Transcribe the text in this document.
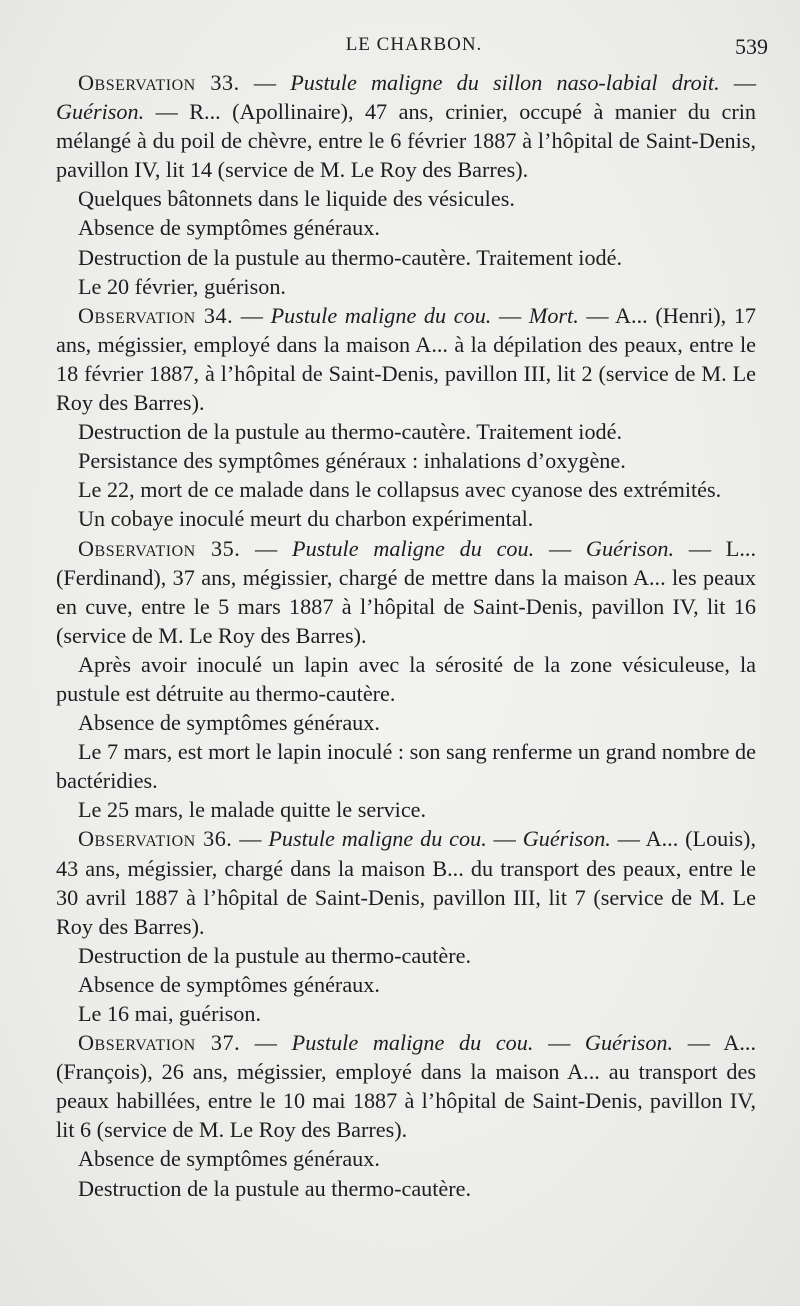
LE CHARBON.	539

Observation 33. — Pustule maligne du sillon naso-labial droit. — Guérison. — R... (Apollinaire), 47 ans, crinier, occupé à manier du crin mélangé à du poil de chèvre, entre le 6 février 1887 à l’hôpital de Saint-Denis, pavillon IV, lit 14 (service de M. Le Roy des Barres).

Quelques bâtonnets dans le liquide des vésicules.

Absence de symptômes généraux.

Destruction de la pustule au thermo-cautère. Traitement iodé.

Le 20 février, guérison.

Observation 34. — Pustule maligne du cou. — Mort. — A... (Henri), 17 ans, mégissier, employé dans la maison A... à la dépilation des peaux, entre le 18 février 1887, à l’hôpital de Saint-Denis, pavillon III, lit 2 (service de M. Le Roy des Barres).

Destruction de la pustule au thermo-cautère. Traitement iodé.

Persistance des symptômes généraux : inhalations d’oxygène.

Le 22, mort de ce malade dans le collapsus avec cyanose des extrémités.

Un cobaye inoculé meurt du charbon expérimental.

Observation 35. — Pustule maligne du cou. — Guérison. — L... (Ferdinand), 37 ans, mégissier, chargé de mettre dans la maison A... les peaux en cuve, entre le 5 mars 1887 à l’hôpital de Saint-Denis, pavillon IV, lit 16 (service de M. Le Roy des Barres).

Après avoir inoculé un lapin avec la sérosité de la zone vésiculeuse, la pustule est détruite au thermo-cautère.

Absence de symptômes généraux.

Le 7 mars, est mort le lapin inoculé : son sang renferme un grand nombre de bactéridies.

Le 25 mars, le malade quitte le service.

Observation 36. — Pustule maligne du cou. — Guérison. — A... (Louis), 43 ans, mégissier, chargé dans la maison B... du transport des peaux, entre le 30 avril 1887 à l’hôpital de Saint-Denis, pavillon III, lit 7 (service de M. Le Roy des Barres).

Destruction de la pustule au thermo-cautère.

Absence de symptômes généraux.

Le 16 mai, guérison.

Observation 37. — Pustule maligne du cou. — Guérison. — A... (François), 26 ans, mégissier, employé dans la maison A... au transport des peaux habillées, entre le 10 mai 1887 à l’hôpital de Saint-Denis, pavillon IV, lit 6 (service de M. Le Roy des Barres).

Absence de symptômes généraux.

Destruction de la pustule au thermo-cautère.
